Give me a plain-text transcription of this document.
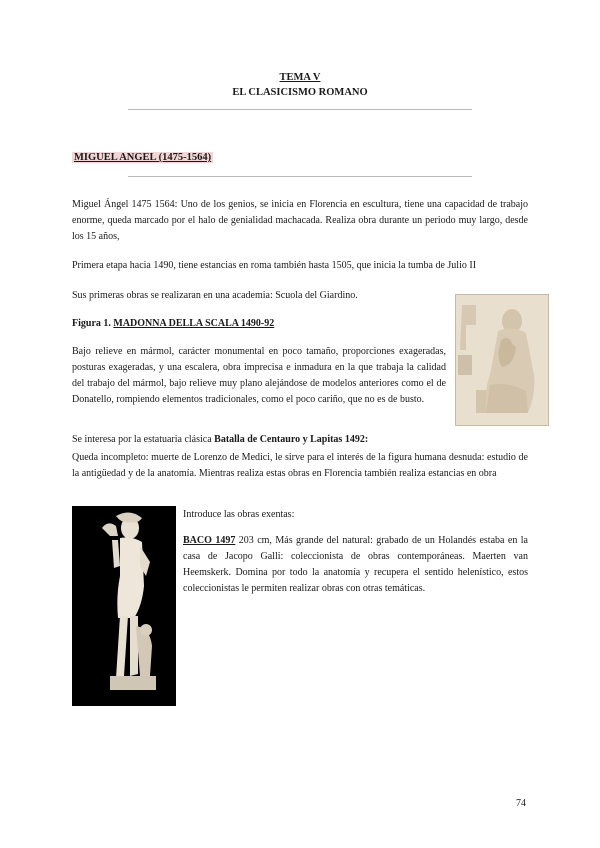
TEMA V
EL CLASICISMO ROMANO
MIGUEL ANGEL (1475-1564)
Miguel Ángel 1475 1564: Uno de los genios, se inicia en Florencia en escultura, tiene una capacidad de trabajo enorme, queda marcado por el halo de genialidad machacada. Realiza obra durante un periodo muy largo, desde los 15 años,
Primera etapa hacia 1490, tiene estancias en roma también hasta 1505, que inicia la tumba de Julio II
Sus primeras obras se realizaran en una academia: Scuola del Giardino.
Figura 1. MADONNA DELLA SCALA 1490-92
Bajo relieve en mármol, carácter monumental en poco tamaño, proporciones exageradas, posturas exageradas, y una escalera, obra imprecisa e inmadura en la que trabaja la calidad del trabajo del mármol, bajo relieve muy plano alejándose de modelos anteriores como el de Donatello, rompiendo elementos tradicionales, como el poco cariño, que no es de busto.
Se interesa por la estatuaria clásica Batalla de Centauro y Lapitas 1492:
Queda incompleto: muerte de Lorenzo de Medici, le sirve para el interés de la figura humana desnuda: estudio de la antigüedad y de la anatomía. Mientras realiza estas obras en Florencia también realiza estancias en obra
Introduce las obras exentas:
BACO 1497 203 cm, Más grande del natural: grabado de un Holandés estaba en la casa de Jacopo Galli: coleccionista de obras contemporáneas. Maerten van Heemskerk. Domina por todo la anatomía y recupera el sentido helenístico, estos coleccionistas le permiten realizar obras con otras temáticas.
74
